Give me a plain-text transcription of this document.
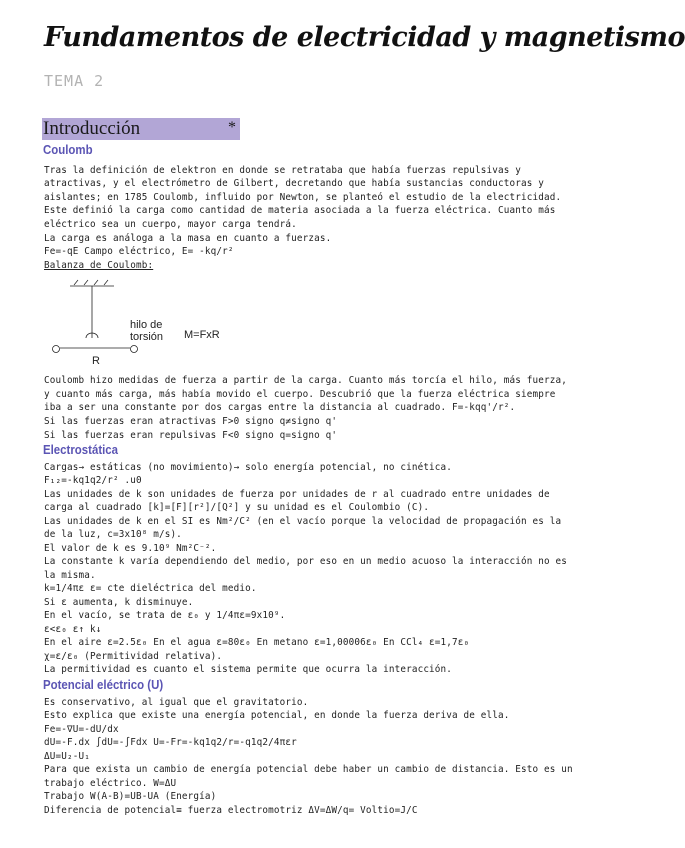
Fundamentos de electricidad y magnetismo
TEMA 2
Introducción	*
Coulomb
Tras la definición de elektron en donde se retrataba que había fuerzas repulsivas y
atractivas, y el electrómetro de Gilbert, decretando que había sustancias conductoras y
aislantes; en 1785 Coulomb, influido por Newton, se planteó el estudio de la electricidad.
Este definió la carga como cantidad de materia asociada a la fuerza eléctrica. Cuanto más
eléctrico sea un cuerpo, mayor carga tendrá.
La carga es análoga a la masa en cuanto a fuerzas.
Fe=-qE Campo eléctrico, E= -kq/r²
Balanza de Coulomb:
hilo de
torsión M=FxR
R
Coulomb hizo medidas de fuerza a partir de la carga. Cuanto más torcía el hilo, más fuerza,
y cuanto más carga, más había movido el cuerpo. Descubrió que la fuerza eléctrica siempre
iba a ser una constante por dos cargas entre la distancia al cuadrado. F=-kqq'/r².
Si las fuerzas eran atractivas F>0 signo q≠signo q'
Si las fuerzas eran repulsivas F<0 signo q=signo q'
Electrostática
Cargas→ estáticas (no movimiento)→ solo energía potencial, no cinética.
F₁₂=-kq1q2/r² .u0
Las unidades de k son unidades de fuerza por unidades de r al cuadrado entre unidades de
carga al cuadrado [k]=[F][r²]/[Q²] y su unidad es el Coulombio (C).
Las unidades de k en el SI es Nm²/C² (en el vacío porque la velocidad de propagación es la
de la luz, c=3x10⁸ m/s).
El valor de k es 9.10⁹ Nm²C⁻².
La constante k varía dependiendo del medio, por eso en un medio acuoso la interacción no es
la misma.
k=1/4πε ε= cte dieléctrica del medio.
Si ε aumenta, k disminuye.
En el vacío, se trata de ε₀ y 1/4πε=9x10⁹.
ε<ε₀ ε↑ k↓
En el aire ε=2.5ε₀ En el agua ε=80ε₀ En metano ε=1,00006ε₀ En CCl₄ ε=1,7ε₀
χ=ε/ε₀ (Permitividad relativa).
La permitividad es cuanto el sistema permite que ocurra la interacción.
Potencial eléctrico (U)
Es conservativo, al igual que el gravitatorio.
Esto explica que existe una energía potencial, en donde la fuerza deriva de ella.
Fe=-∇U=-dU/dx
dU=-F.dx ∫dU=-∫Fdx U=-Fr=-kq1q2/r=-q1q2/4πεr
ΔU=U₂-U₁
Para que exista un cambio de energía potencial debe haber un cambio de distancia. Esto es un
trabajo eléctrico. W=ΔU
Trabajo W(A-B)=UB-UA (Energía)
Diferencia de potencial≡ fuerza electromotriz ΔV=ΔW/q= Voltio=J/C
